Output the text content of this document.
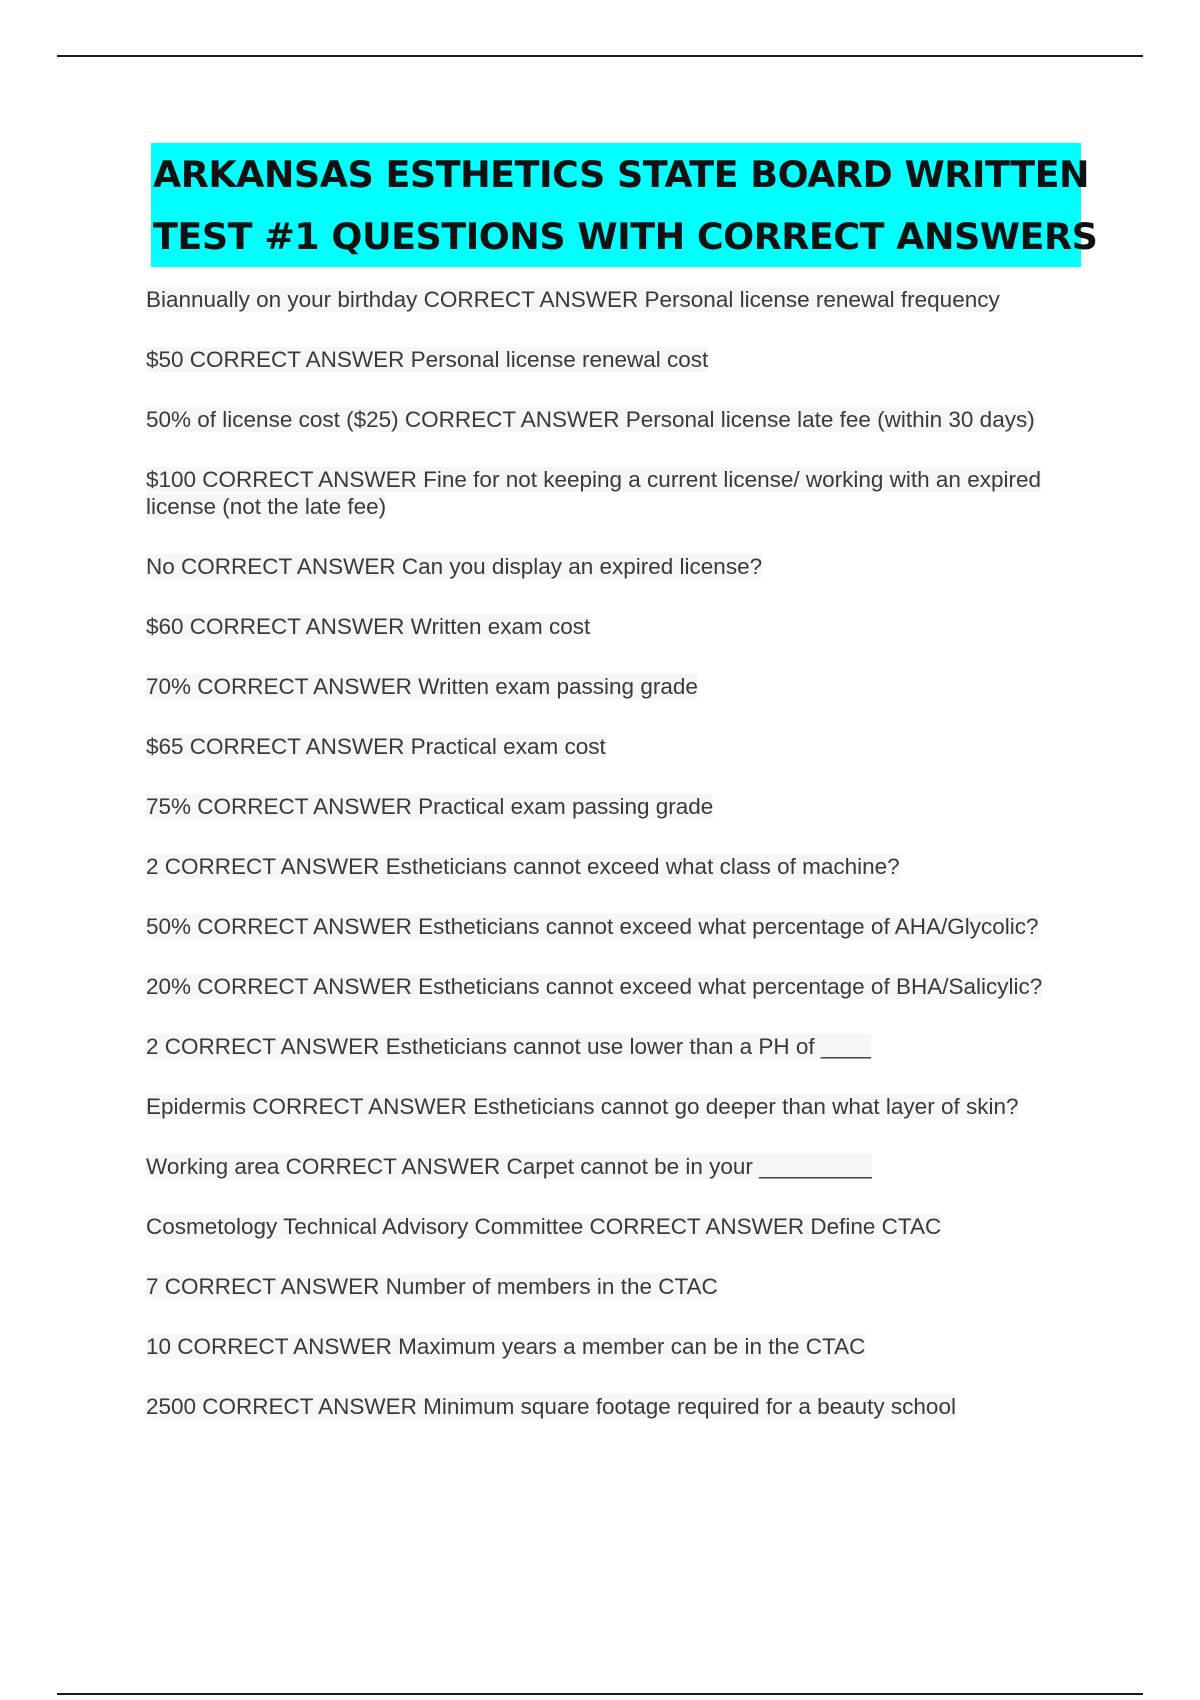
ARKANSAS ESTHETICS STATE BOARD WRITTEN
TEST #1 QUESTIONS WITH CORRECT ANSWERS
Biannually on your birthday CORRECT ANSWER Personal license renewal frequency
$50 CORRECT ANSWER Personal license renewal cost
50% of license cost ($25) CORRECT ANSWER Personal license late fee (within 30 days)
$100 CORRECT ANSWER Fine for not keeping a current license/ working with an expired license (not the late fee)
No CORRECT ANSWER Can you display an expired license?
$60 CORRECT ANSWER Written exam cost
70% CORRECT ANSWER Written exam passing grade
$65 CORRECT ANSWER Practical exam cost
75% CORRECT ANSWER Practical exam passing grade
2 CORRECT ANSWER Estheticians cannot exceed what class of machine?
50% CORRECT ANSWER Estheticians cannot exceed what percentage of AHA/Glycolic?
20% CORRECT ANSWER Estheticians cannot exceed what percentage of BHA/Salicylic?
2 CORRECT ANSWER Estheticians cannot use lower than a PH of ____
Epidermis CORRECT ANSWER Estheticians cannot go deeper than what layer of skin?
Working area CORRECT ANSWER Carpet cannot be in your _________
Cosmetology Technical Advisory Committee CORRECT ANSWER Define CTAC
7 CORRECT ANSWER Number of members in the CTAC
10 CORRECT ANSWER Maximum years a member can be in the CTAC
2500 CORRECT ANSWER Minimum square footage required for a beauty school
